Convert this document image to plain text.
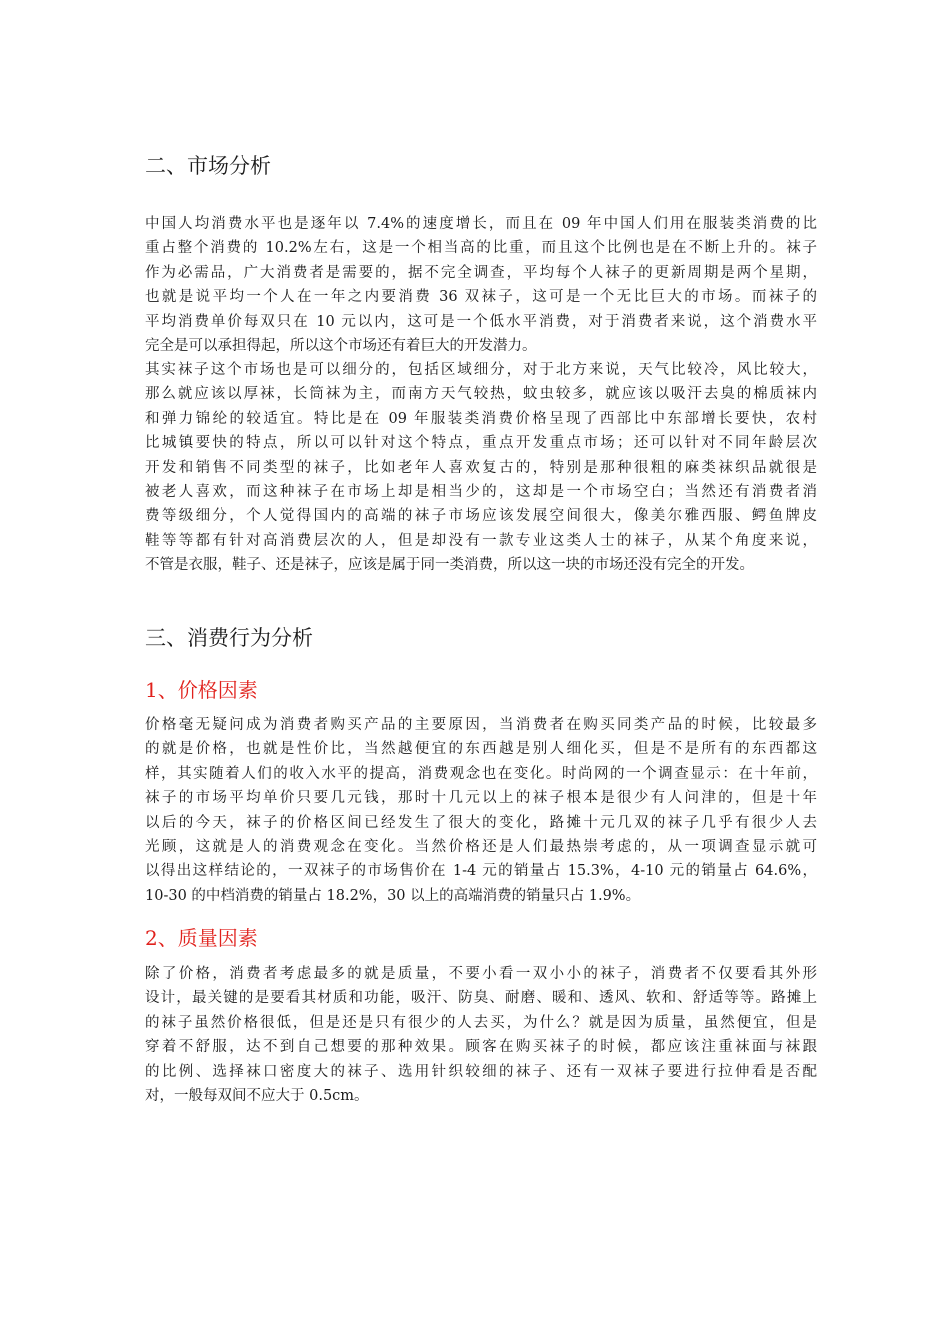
二、市场分析
中国人均消费水平也是逐年以 7.4%的速度增长，而且在 09 年中国人们用在服装类消费的比
重占整个消费的 10.2%左右，这是一个相当高的比重，而且这个比例也是在不断上升的。袜子
作为必需品，广大消费者是需要的，据不完全调查，平均每个人袜子的更新周期是两个星期，
也就是说平均一个人在一年之内要消费 36 双袜子，这可是一个无比巨大的市场。而袜子的
平均消费单价每双只在 10 元以内，这可是一个低水平消费，对于消费者来说，这个消费水平
完全是可以承担得起，所以这个市场还有着巨大的开发潜力。
其实袜子这个市场也是可以细分的，包括区域细分，对于北方来说，天气比较冷，风比较大，
那么就应该以厚袜，长筒袜为主，而南方天气较热，蚊虫较多，就应该以吸汗去臭的棉质袜内
和弹力锦纶的较适宜。特比是在 09 年服装类消费价格呈现了西部比中东部增长要快，农村
比城镇要快的特点，所以可以针对这个特点，重点开发重点市场；还可以针对不同年龄层次
开发和销售不同类型的袜子，比如老年人喜欢复古的，特别是那种很粗的麻类袜织品就很是
被老人喜欢，而这种袜子在市场上却是相当少的，这却是一个市场空白；当然还有消费者消
费等级细分，个人觉得国内的高端的袜子市场应该发展空间很大，像美尔雅西服、鳄鱼牌皮
鞋等等都有针对高消费层次的人，但是却没有一款专业这类人士的袜子，从某个角度来说，
不管是衣服，鞋子、还是袜子，应该是属于同一类消费，所以这一块的市场还没有完全的开发。
三、消费行为分析
1、价格因素
价格毫无疑问成为消费者购买产品的主要原因，当消费者在购买同类产品的时候，比较最多
的就是价格，也就是性价比，当然越便宜的东西越是别人细化买，但是不是所有的东西都这
样，其实随着人们的收入水平的提高，消费观念也在变化。时尚网的一个调查显示：在十年前，
袜子的市场平均单价只要几元钱，那时十几元以上的袜子根本是很少有人问津的，但是十年
以后的今天，袜子的价格区间已经发生了很大的变化，路摊十元几双的袜子几乎有很少人去
光顾，这就是人的消费观念在变化。当然价格还是人们最热崇考虑的，从一项调查显示就可
以得出这样结论的，一双袜子的市场售价在 1-4 元的销量占 15.3%，4-10 元的销量占 64.6%，
10-30 的中档消费的销量占 18.2%，30 以上的高端消费的销量只占 1.9%。
2、质量因素
除了价格，消费者考虑最多的就是质量，不要小看一双小小的袜子，消费者不仅要看其外形
设计，最关键的是要看其材质和功能，吸汗、防臭、耐磨、暖和、透风、软和、舒适等等。路摊上
的袜子虽然价格很低，但是还是只有很少的人去买，为什么？就是因为质量，虽然便宜，但是
穿着不舒服，达不到自己想要的那种效果。顾客在购买袜子的时候，都应该注重袜面与袜跟
的比例、选择袜口密度大的袜子、选用针织较细的袜子、还有一双袜子要进行拉伸看是否配
对，一般每双间不应大于 0.5cm。
